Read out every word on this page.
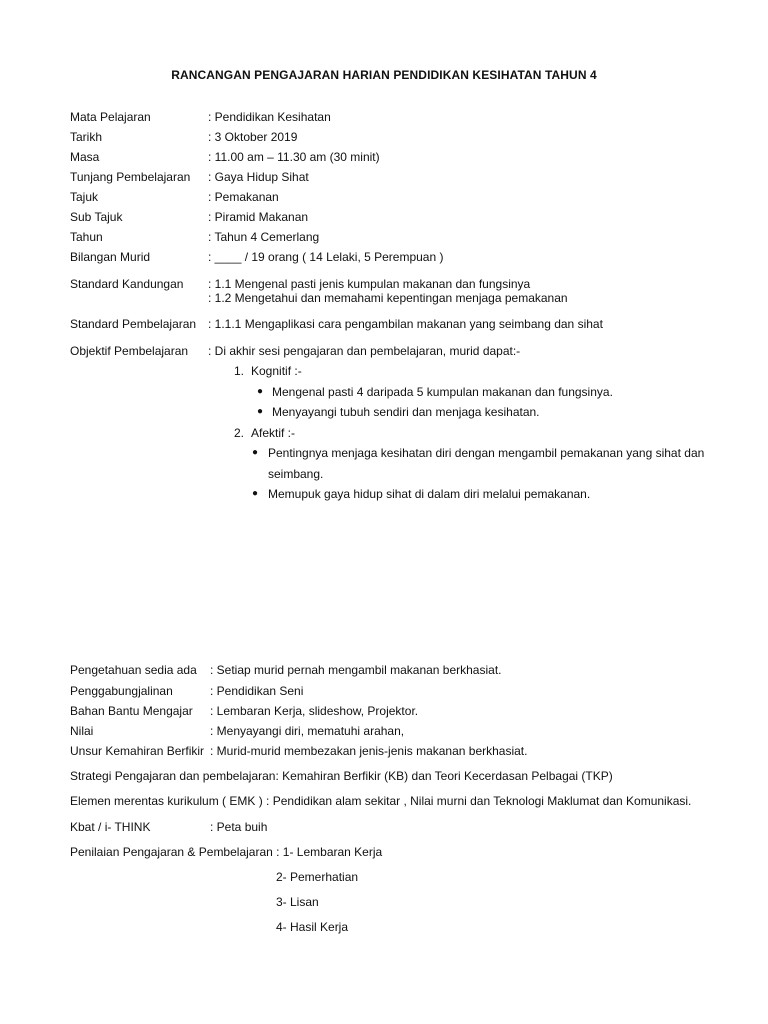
RANCANGAN PENGAJARAN HARIAN PENDIDIKAN KESIHATAN TAHUN 4
Mata Pelajaran	: Pendidikan Kesihatan
Tarikh	: 3 Oktober 2019
Masa	: 11.00 am – 11.30 am (30 minit)
Tunjang Pembelajaran : Gaya Hidup Sihat
Tajuk	: Pemakanan
Sub Tajuk	: Piramid Makanan
Tahun	: Tahun 4 Cemerlang
Bilangan Murid	: ____ / 19 orang ( 14 Lelaki, 5 Perempuan )
Standard Kandungan : 1.1 Mengenal pasti jenis kumpulan makanan dan fungsinya
: 1.2 Mengetahui dan memahami kepentingan menjaga pemakanan
Standard Pembelajaran : 1.1.1 Mengaplikasi cara pengambilan makanan yang seimbang dan sihat
Objektif Pembelajaran : Di akhir sesi pengajaran dan pembelajaran, murid dapat:-
1. Kognitif :-
● Mengenal pasti 4 daripada 5 kumpulan makanan dan fungsinya.
● Menyayangi tubuh sendiri dan menjaga kesihatan.
2. Afektif :-
● Pentingnya menjaga kesihatan diri dengan mengambil pemakanan yang sihat dan
seimbang.
● Memupuk gaya hidup sihat di dalam diri melalui pemakanan.
Pengetahuan sedia ada : Setiap murid pernah mengambil makanan berkhasiat.
Penggabungjalinan	: Pendidikan Seni
Bahan Bantu Mengajar : Lembaran Kerja, slideshow, Projektor.
Nilai	: Menyayangi diri, mematuhi arahan,
Unsur Kemahiran Berfikir : Murid-murid membezakan jenis-jenis makanan berkhasiat.
Strategi Pengajaran dan pembelajaran: Kemahiran Berfikir (KB) dan Teori Kecerdasan Pelbagai (TKP)
Elemen merentas kurikulum ( EMK ) : Pendidikan alam sekitar , Nilai murni dan Teknologi Maklumat dan Komunikasi.
Kbat / i- THINK	: Peta buih
Penilaian Pengajaran & Pembelajaran : 1- Lembaran Kerja
2- Pemerhatian
3- Lisan
4- Hasil Kerja
